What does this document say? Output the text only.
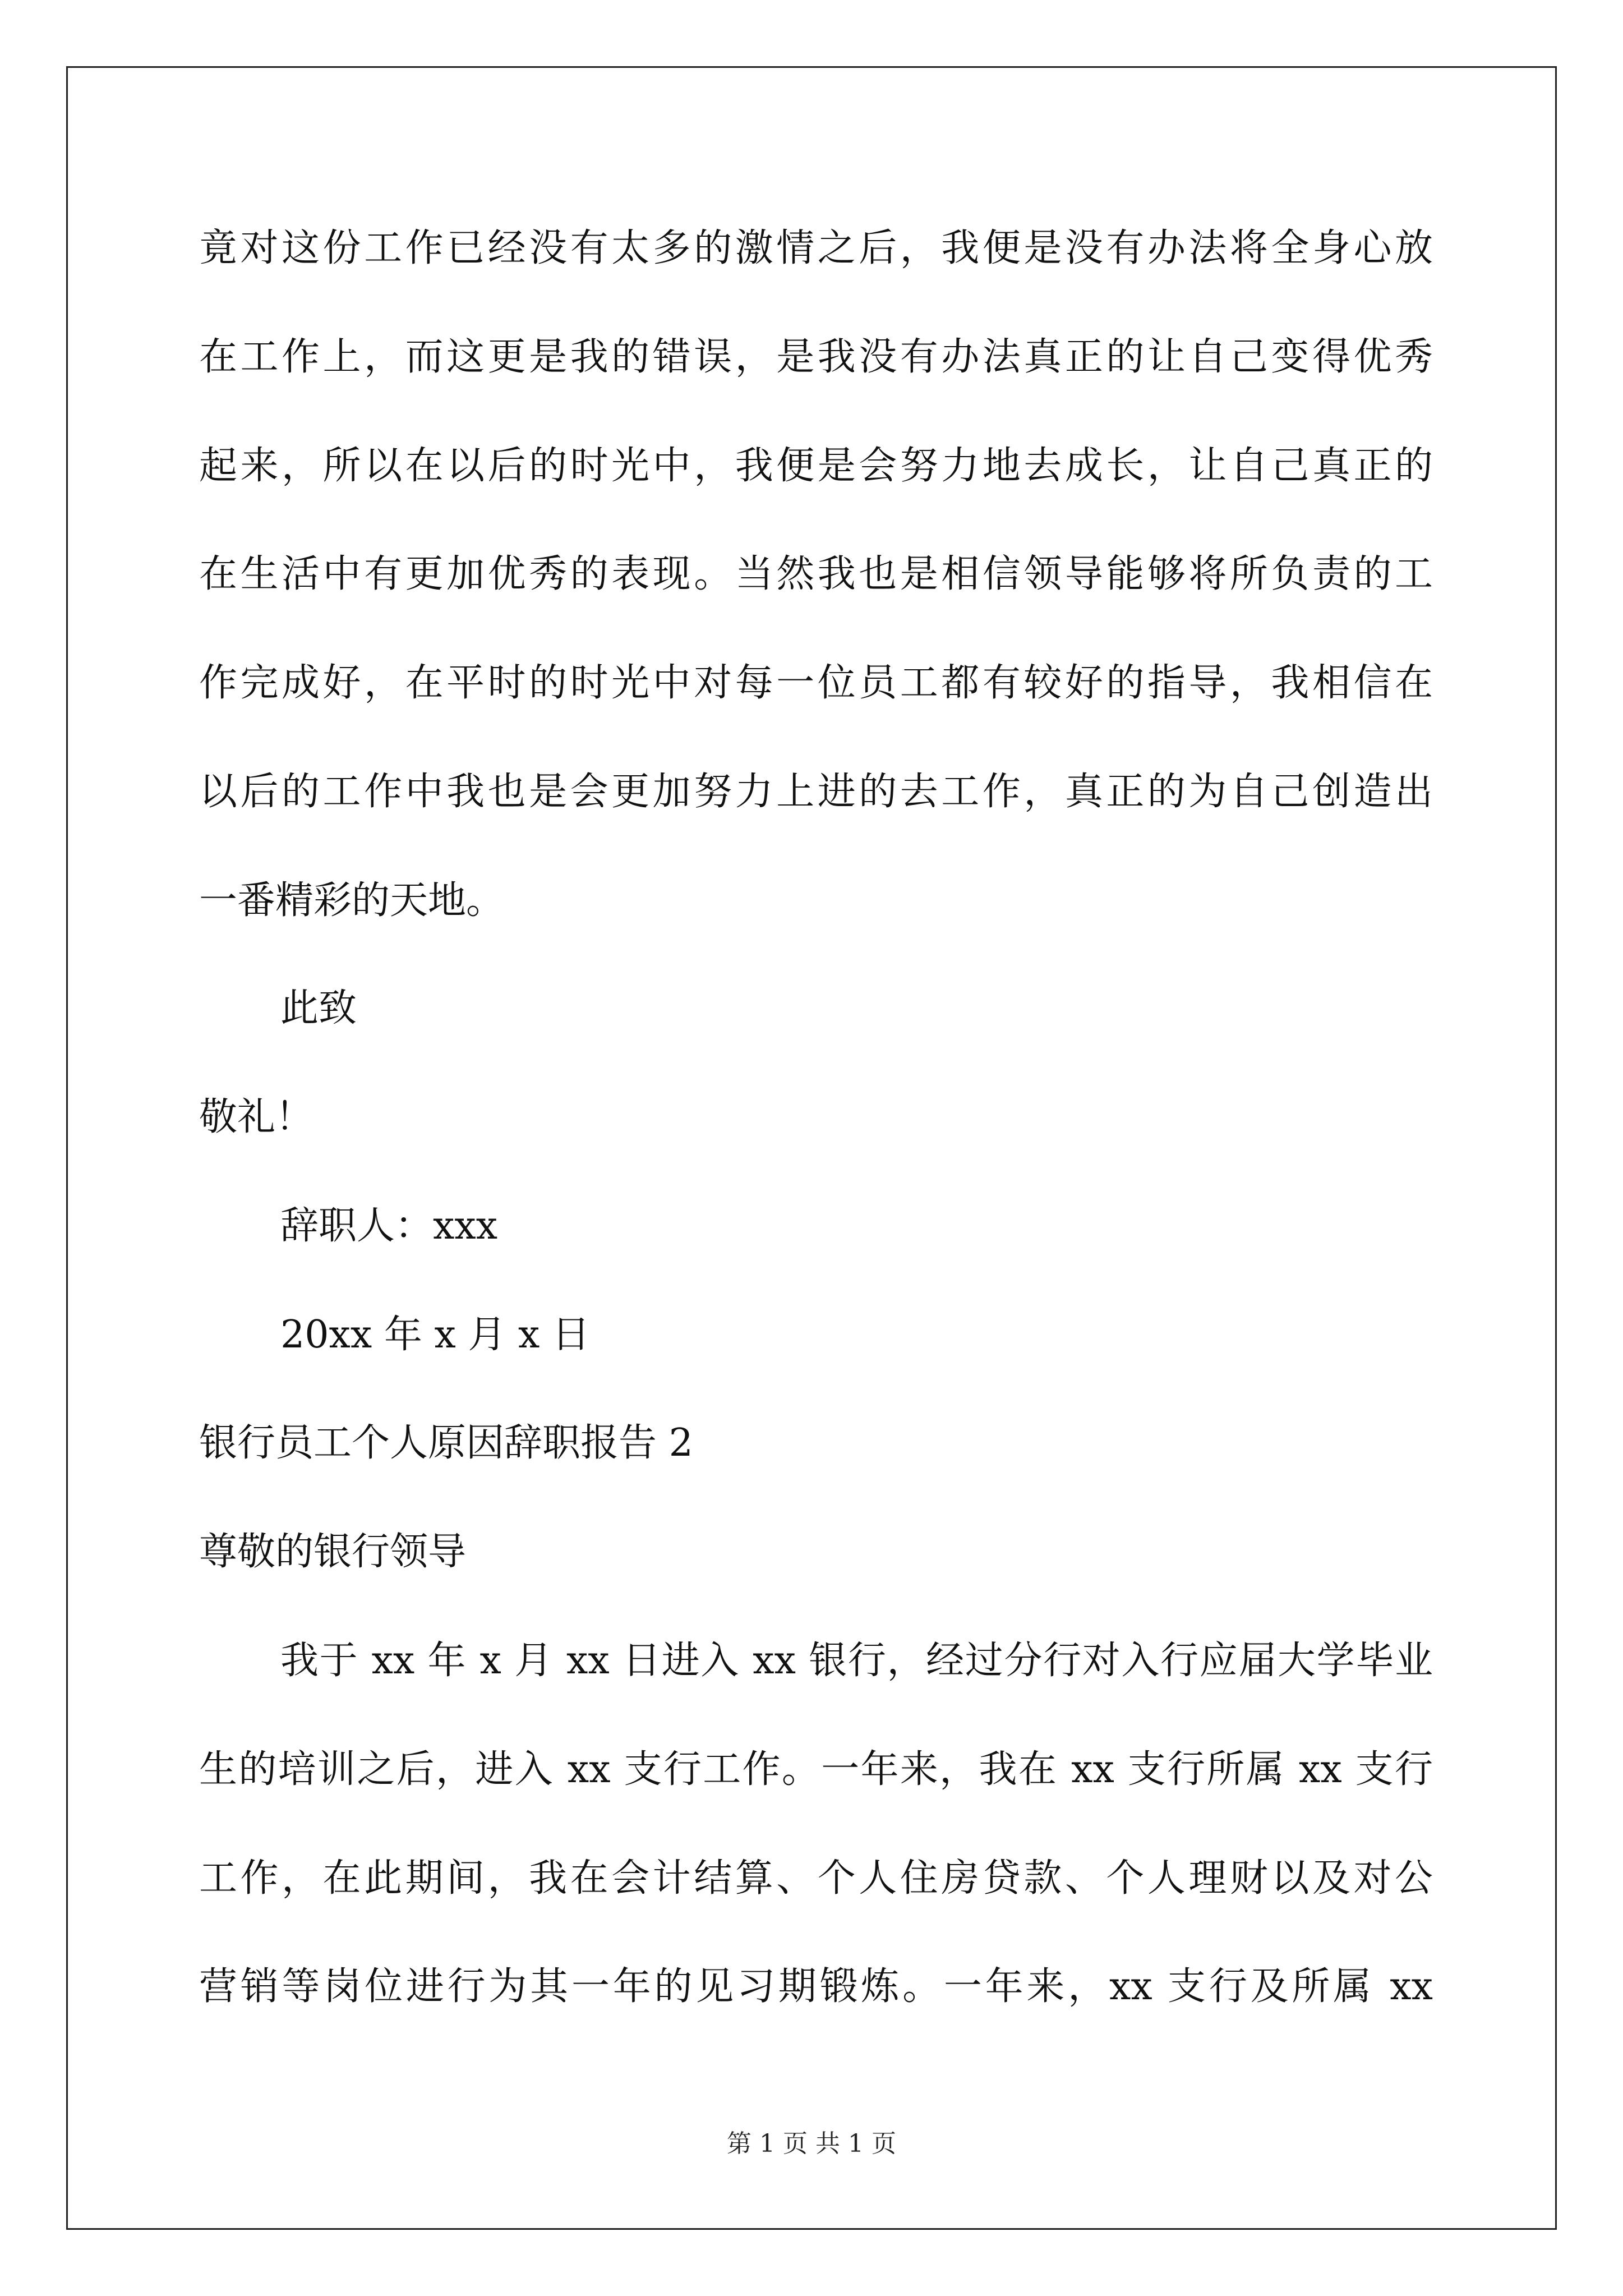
竟对这份工作已经没有太多的激情之后，我便是没有办法将全身心放
在工作上，而这更是我的错误，是我没有办法真正的让自己变得优秀
起来，所以在以后的时光中，我便是会努力地去成长，让自己真正的
在生活中有更加优秀的表现。当然我也是相信领导能够将所负责的工
作完成好，在平时的时光中对每一位员工都有较好的指导，我相信在
以后的工作中我也是会更加努力上进的去工作，真正的为自己创造出
一番精彩的天地。
此致
敬礼！
辞职人：xxx
20xx 年 x 月 x 日
银行员工个人原因辞职报告 2
尊敬的银行领导
我于 xx 年 x 月 xx 日进入 xx 银行，经过分行对入行应届大学毕业
生的培训之后，进入 xx 支行工作。一年来，我在 xx 支行所属 xx 支行
工作，在此期间，我在会计结算、个人住房贷款、个人理财以及对公
营销等岗位进行为其一年的见习期锻炼。一年来，xx 支行及所属 xx
第 1 页 共 1 页
